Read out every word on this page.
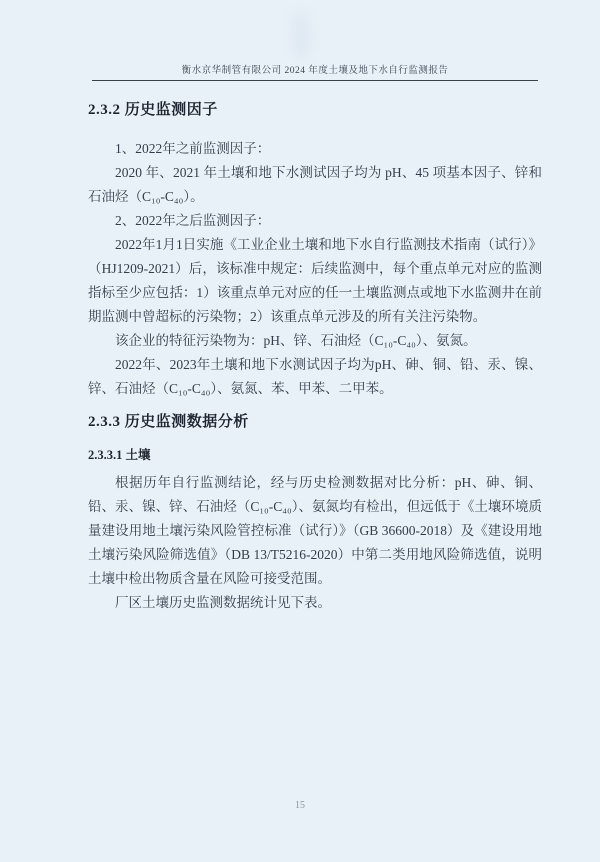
衡水京华制管有限公司 2024 年度土壤及地下水自行监测报告
2.3.2 历史监测因子

1、2022年之前监测因子：

2020 年、2021 年土壤和地下水测试因子均为 pH、45 项基本因子、锌和石油烃（C₁₀-C₄₀）。

2、2022年之后监测因子：

2022年1月1日实施《工业企业土壤和地下水自行监测技术指南（试行）》（HJ1209-2021）后，该标准中规定：后续监测中，每个重点单元对应的监测指标至少应包括：1）该重点单元对应的任一土壤监测点或地下水监测井在前期监测中曾超标的污染物；2）该重点单元涉及的所有关注污染物。

该企业的特征污染物为：pH、锌、石油烃（C₁₀-C₄₀）、氨氮。

2022年、2023年土壤和地下水测试因子均为pH、砷、铜、铅、汞、镍、锌、石油烃（C₁₀-C₄₀）、氨氮、苯、甲苯、二甲苯。

2.3.3 历史监测数据分析
2.3.3.1 土壤

根据历年自行监测结论，经与历史检测数据对比分析：pH、砷、铜、铅、汞、镍、锌、石油烃（C₁₀-C₄₀）、氨氮均有检出，但远低于《土壤环境质量建设用地土壤污染风险管控标准（试行）》（GB 36600-2018）及《建设用地土壤污染风险筛选值》（DB 13/T5216-2020）中第二类用地风险筛选值，说明土壤中检出物质含量在风险可接受范围。

厂区土壤历史监测数据统计见下表。

15
